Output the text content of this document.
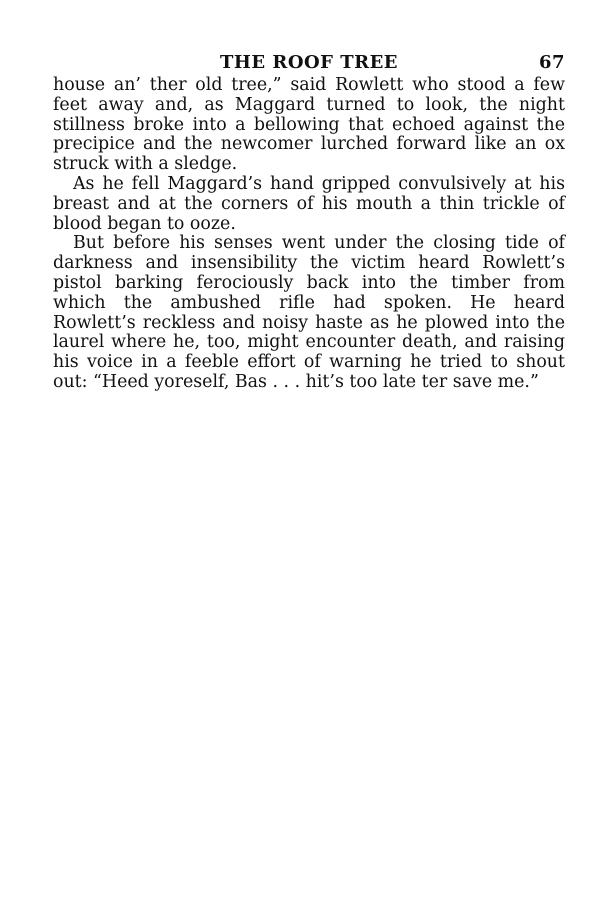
THE ROOF TREE	67

house an’ ther old tree,” said Rowlett who stood a few feet away and, as Maggard turned to look, the night stillness broke into a bellowing that echoed against the precipice and the newcomer lurched forward like an ox struck with a sledge.

As he fell Maggard’s hand gripped convulsively at his breast and at the corners of his mouth a thin trickle of blood began to ooze.

But before his senses went under the closing tide of darkness and insensibility the victim heard Rowlett’s pistol barking ferociously back into the timber from which the ambushed rifle had spoken. He heard Rowlett’s reckless and noisy haste as he plowed into the laurel where he, too, might encounter death, and raising his voice in a feeble effort of warning he tried to shout out: “Heed yoreself, Bas . . . hit’s too late ter save me.”
